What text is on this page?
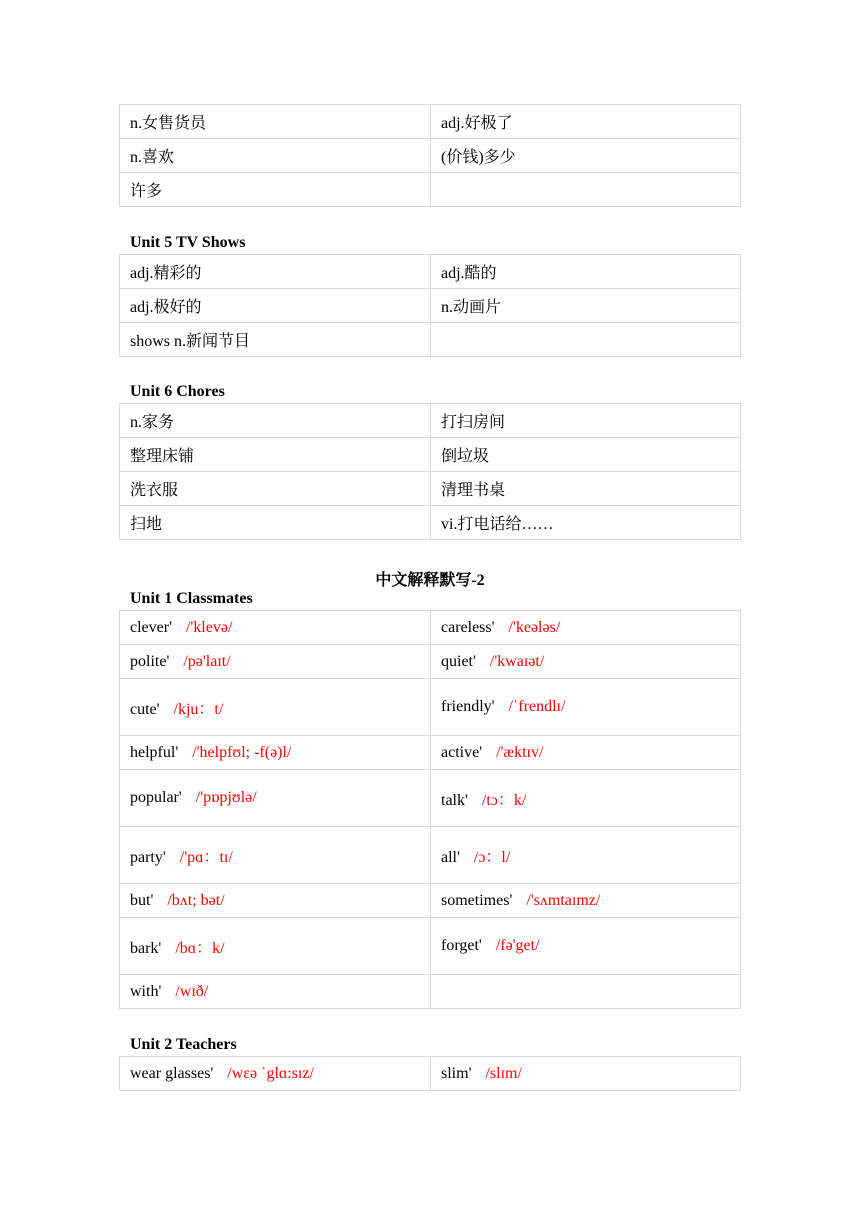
n.女售货员	adj.好极了
n.喜欢	(价钱)多少
许多	
Unit 5 TV Shows
adj.精彩的	adj.酷的
adj.极好的	n.动画片
shows n.新闻节目	
Unit 6 Chores
n.家务	打扫房间
整理床铺	倒垃圾
洗衣服	清理书桌
扫地	vi.打电话给……
中文解释默写-2
Unit 1 Classmates
clever' /'klevə/	careless' /'keələs/
polite' /pə'laɪt/	quiet' /'kwaɪət/
cute' /kju：t/	friendly' /ˈfrendlɪ/
helpful' /'helpfʊl; -f(ə)l/	active' /'æktɪv/
popular' /'pɒpjʊlə/	talk' /tɔ：k/
party' /'pɑ：tɪ/	all' /ɔ：l/
but' /bʌt; bət/	sometimes' /'sʌmtaɪmz/
bark' /bɑ：k/	forget' /fə'get/
with' /wɪð/	
Unit 2 Teachers
wear glasses' /wɛə ˈglɑ:sɪz/	slim' /slɪm/
